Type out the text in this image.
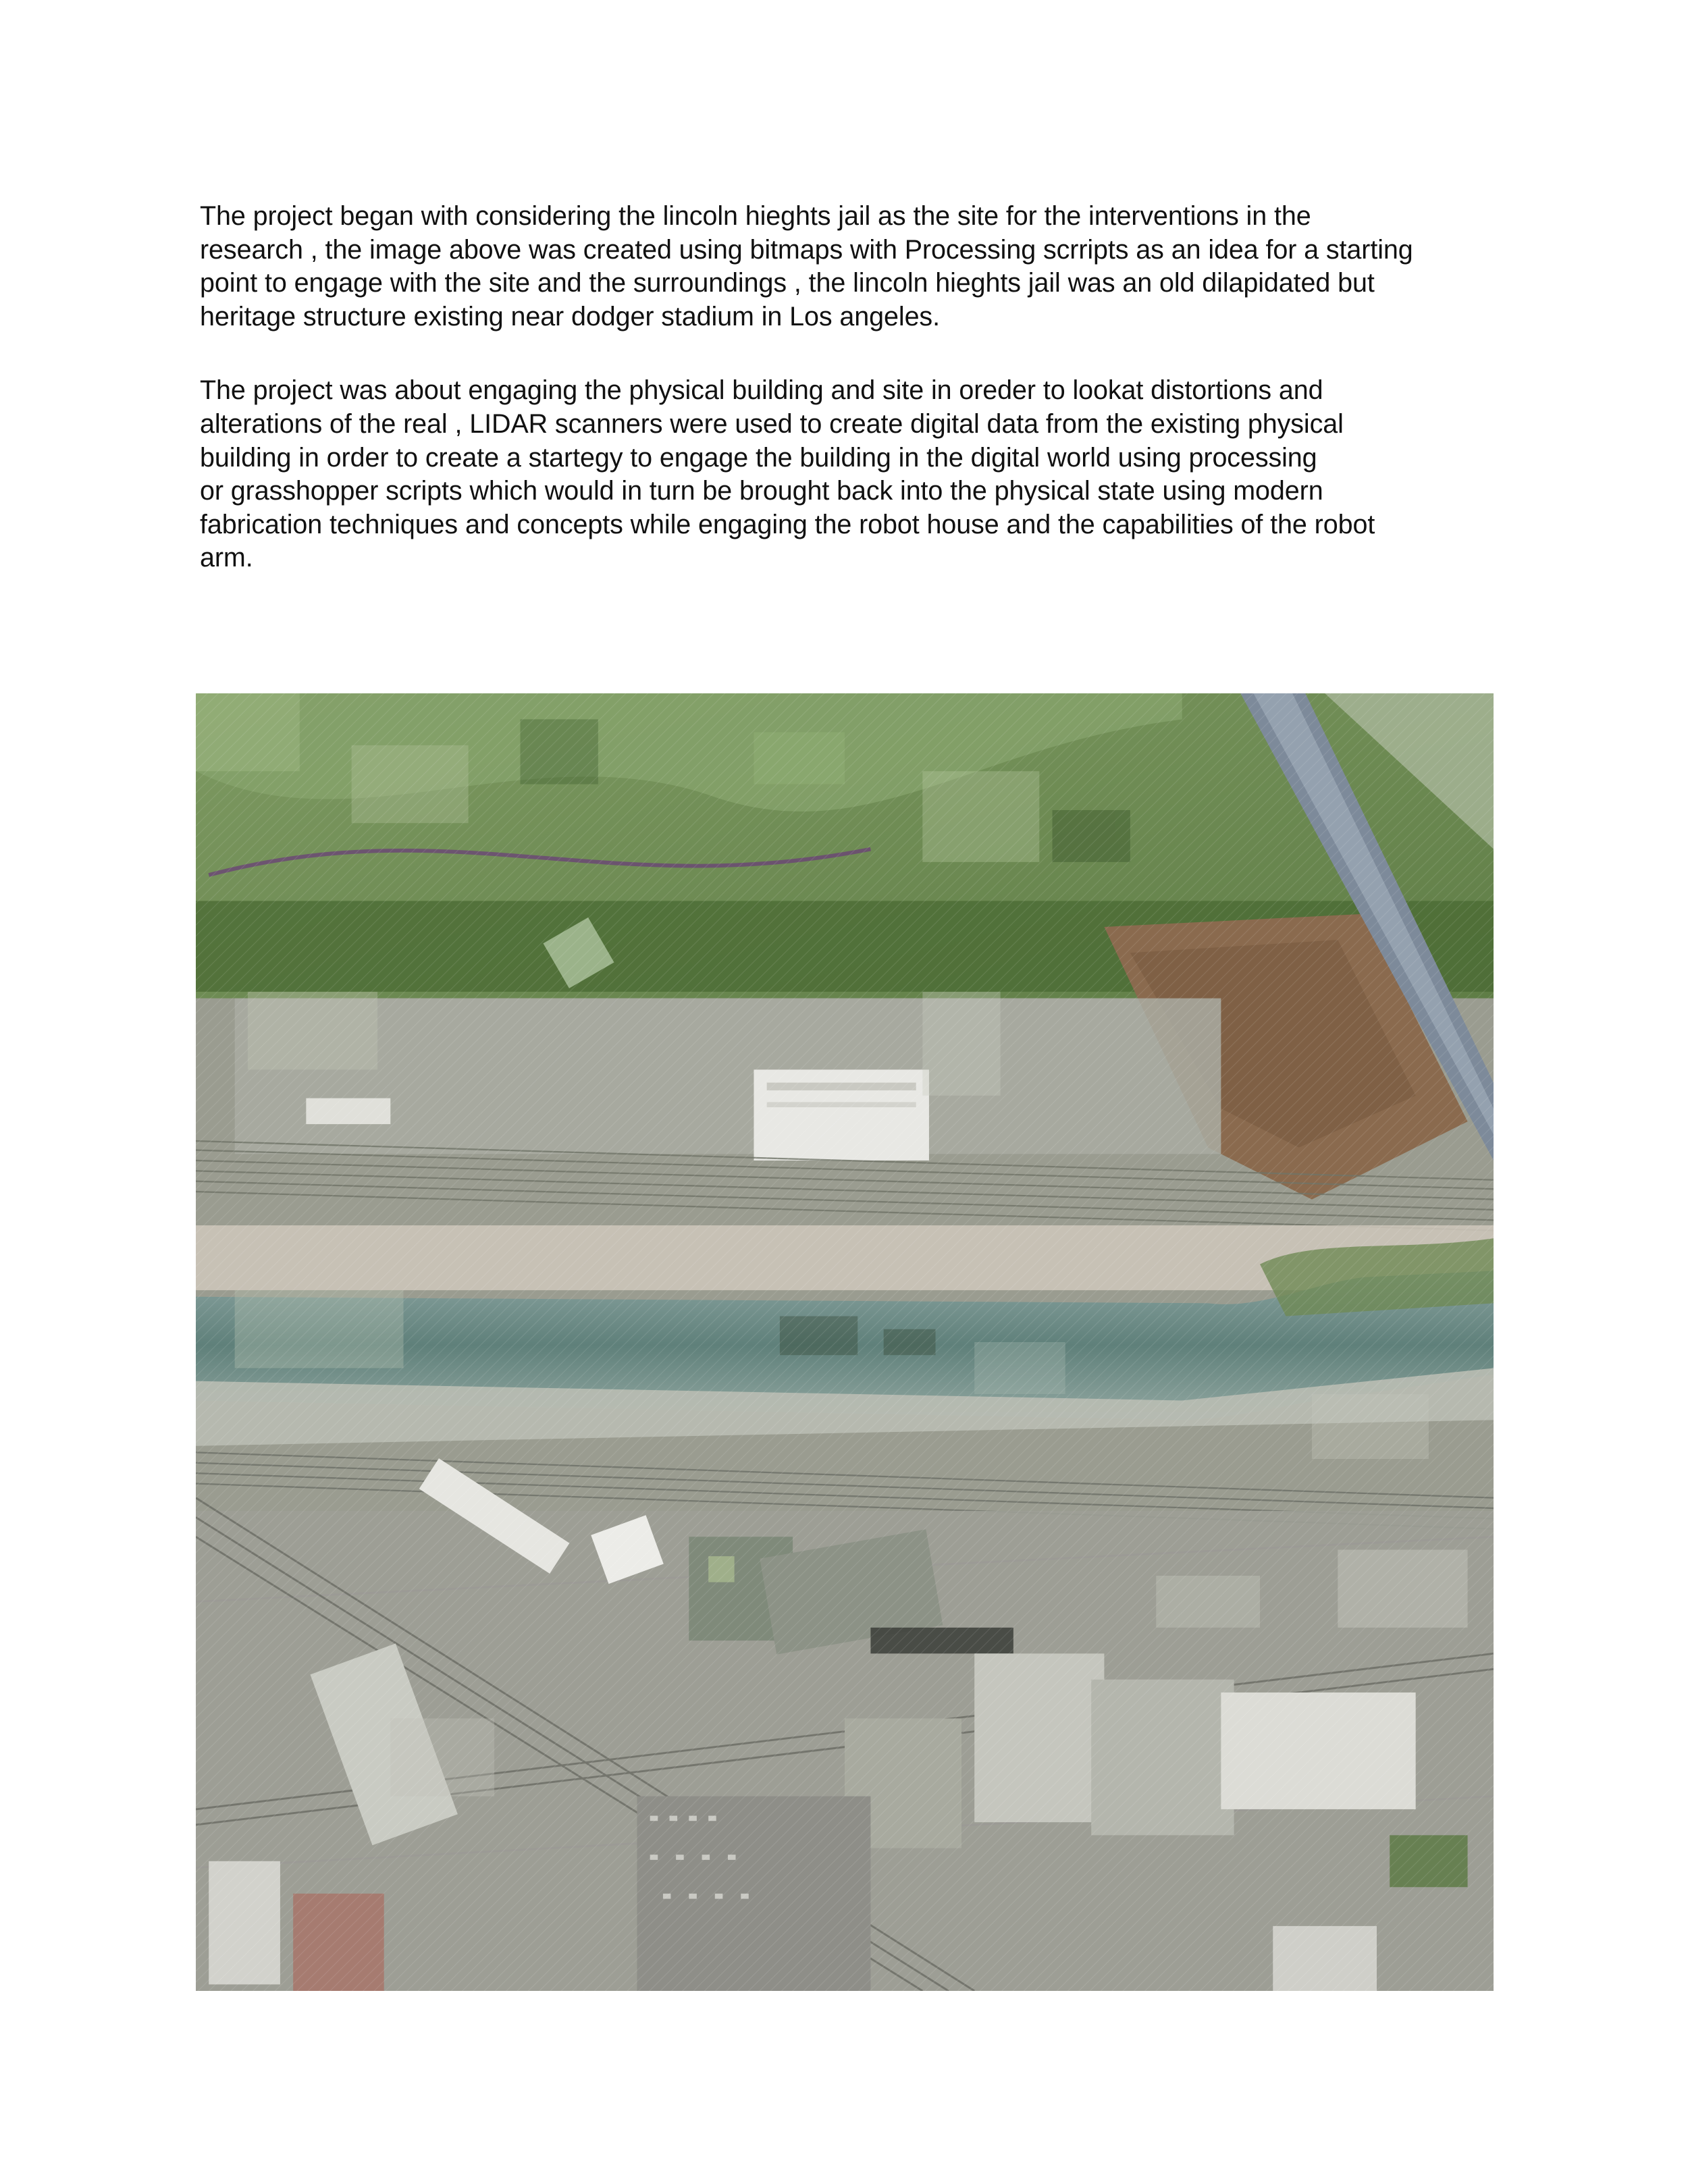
The project began with considering the lincoln hieghts jail as the site for the interventions in the
research , the image above was created using bitmaps with Processing scrripts as an idea for a starting
point to engage with the site and the surroundings , the lincoln hieghts jail was an old dilapidated but
heritage structure existing near dodger stadium in Los angeles.

The project was about engaging the physical building and site in oreder to lookat distortions and
alterations of the real , LIDAR scanners were used to create digital data from the existing physical
building in order to create a startegy to engage the building in the digital world using processing
or grasshopper scripts which would in turn be brought back into the physical state using modern
fabrication techniques and concepts while engaging the robot house and the capabilities of the robot
arm.
